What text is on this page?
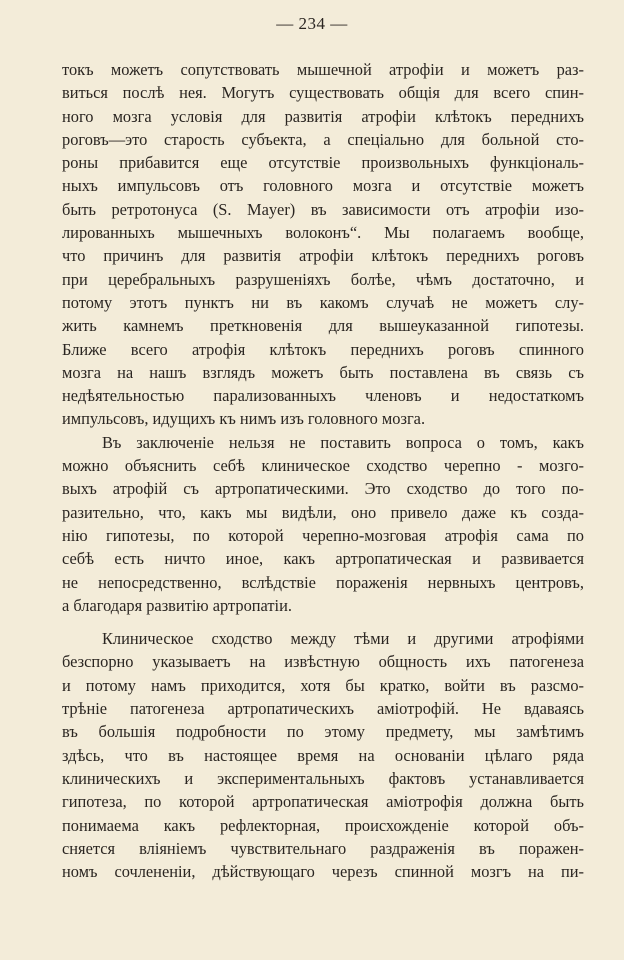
— 234 —
токъ можетъ сопутствовать мышечной атрофіи и можетъ раз-
виться послѣ нея. Могутъ существовать общія для всего спин-
ного мозга условія для развитія атрофіи клѣтокъ переднихъ
роговъ—это старость субъекта, а спеціально для больной сто-
роны прибавится еще отсутствіе произвольныхъ функціональ-
ныхъ импульсовъ отъ головного мозга и отсутствіе можетъ
быть ретротонуса (S. Mayer) въ зависимости отъ атрофіи изо-
лированныхъ мышечныхъ волоконъ“. Мы полагаемъ вообще,
что причинъ для развитія атрофіи клѣтокъ переднихъ роговъ
при церебральныхъ разрушеніяхъ болѣе, чѣмъ достаточно, и
потому этотъ пунктъ ни въ какомъ случаѣ не можетъ слу-
жить камнемъ преткновенія для вышеуказанной гипотезы.
Ближе всего атрофія клѣтокъ переднихъ роговъ спинного
мозга на нашъ взглядъ можетъ быть поставлена въ связь съ
недѣятельностью парализованныхъ членовъ и недостаткомъ
импульсовъ, идущихъ къ нимъ изъ головного мозга.
Въ заключеніе нельзя не поставить вопроса о томъ, какъ
можно объяснить себѣ клиническое сходство черепно - мозго-
выхъ атрофій съ артропатическими. Это сходство до того по-
разительно, что, какъ мы видѣли, оно привело даже къ созда-
нію гипотезы, по которой черепно-мозговая атрофія сама по
себѣ есть ничто иное, какъ артропатическая и развивается
не непосредственно, вслѣдствіе пораженія нервныхъ центровъ,
а благодаря развитію артропатіи.
Клиническое сходство между тѣми и другими атрофіями
безспорно указываетъ на извѣстную общность ихъ патогенеза
и потому намъ приходится, хотя бы кратко, войти въ разсмо-
трѣніе патогенеза артропатическихъ аміотрофій. Не вдаваясь
въ большія подробности по этому предмету, мы замѣтимъ
здѣсь, что въ настоящее время на основаніи цѣлаго ряда
клиническихъ и экспериментальныхъ фактовъ устанавливается
гипотеза, по которой артропатическая аміотрофія должна быть
понимаема какъ рефлекторная, происхожденіе которой объ-
сняется вліяніемъ чувствительнаго раздраженія въ поражен-
номъ сочлененіи, дѣйствующаго черезъ спинной мозгъ на пи-
